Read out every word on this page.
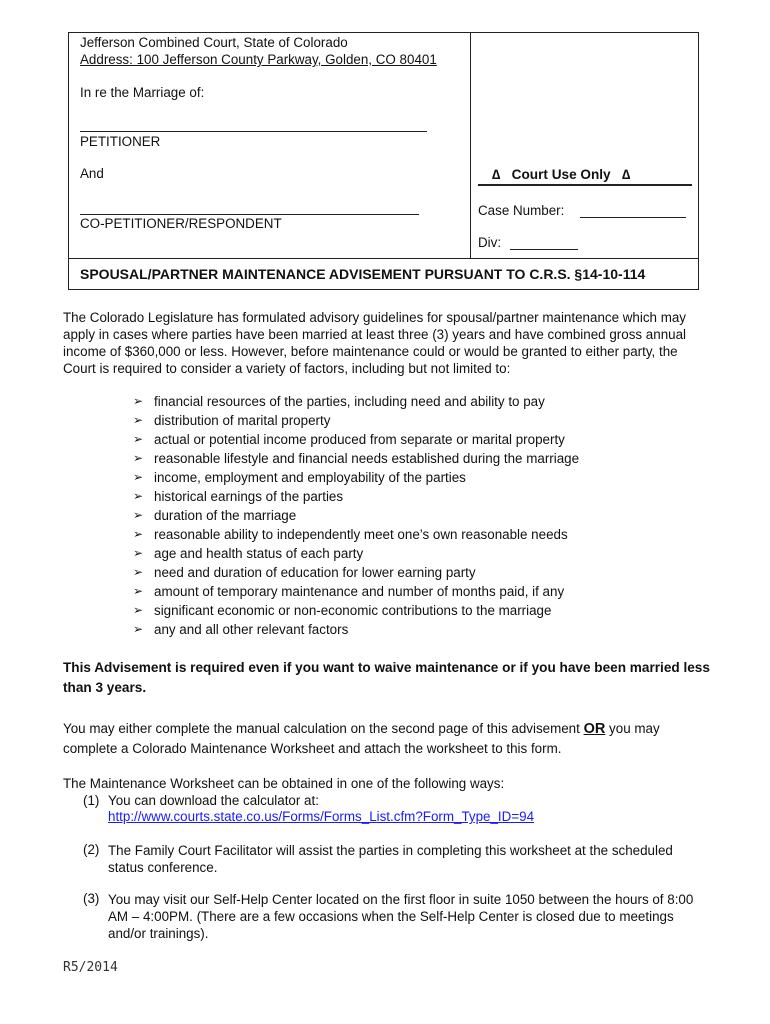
Jefferson Combined Court, State of Colorado
Address: 100 Jefferson County Parkway, Golden, CO 80401
In re the Marriage of:
PETITIONER
And
CO-PETITIONER/RESPONDENT
∆ Court Use Only ∆
Case Number:
Div:
SPOUSAL/PARTNER MAINTENANCE ADVISEMENT PURSUANT TO C.R.S. §14-10-114

The Colorado Legislature has formulated advisory guidelines for spousal/partner maintenance which may apply in cases where parties have been married at least three (3) years and have combined gross annual income of $360,000 or less. However, before maintenance could or would be granted to either party, the Court is required to consider a variety of factors, including but not limited to:

➢ financial resources of the parties, including need and ability to pay
➢ distribution of marital property
➢ actual or potential income produced from separate or marital property
➢ reasonable lifestyle and financial needs established during the marriage
➢ income, employment and employability of the parties
➢ historical earnings of the parties
➢ duration of the marriage
➢ reasonable ability to independently meet one’s own reasonable needs
➢ age and health status of each party
➢ need and duration of education for lower earning party
➢ amount of temporary maintenance and number of months paid, if any
➢ significant economic or non-economic contributions to the marriage
➢ any and all other relevant factors

This Advisement is required even if you want to waive maintenance or if you have been married less than 3 years.

You may either complete the manual calculation on the second page of this advisement OR you may complete a Colorado Maintenance Worksheet and attach the worksheet to this form.

The Maintenance Worksheet can be obtained in one of the following ways:
(1) You can download the calculator at:
http://www.courts.state.co.us/Forms/Forms_List.cfm?Form_Type_ID=94
(2) The Family Court Facilitator will assist the parties in completing this worksheet at the scheduled status conference.

(3) You may visit our Self-Help Center located on the first floor in suite 1050 between the hours of 8:00 AM – 4:00PM. (There are a few occasions when the Self-Help Center is closed due to meetings and/or trainings).

R5/2014
